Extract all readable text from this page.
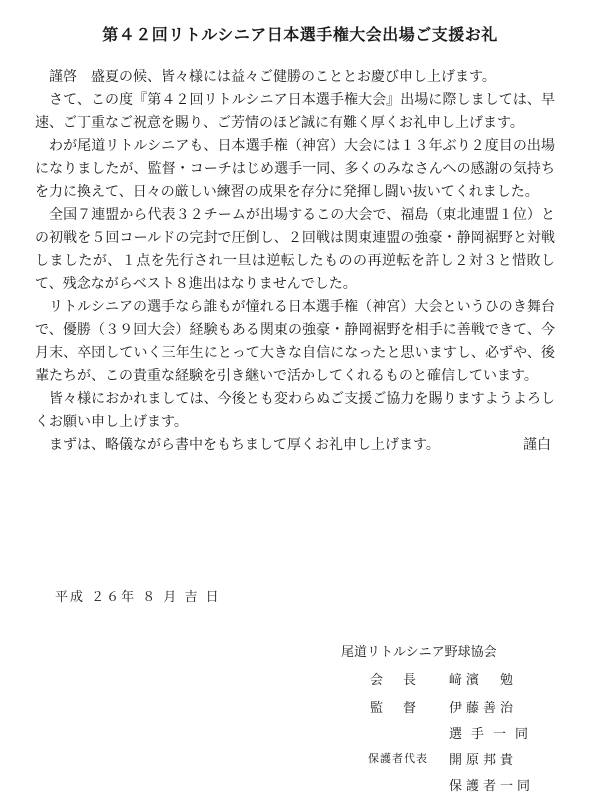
第４２回リトルシニア日本選手権大会出場ご支援お礼

謹啓　盛夏の候、皆々様には益々ご健勝のこととお慶び申し上げます。

さて、この度『第４２回リトルシニア日本選手権大会』出場に際しましては、早速、ご丁重なご祝意を賜り、ご芳情のほど誠に有難く厚くお礼申し上げます。

わが尾道リトルシニアも、日本選手権（神宮）大会には１３年ぶり２度目の出場になりましたが、監督・コーチはじめ選手一同、多くのみなさんへの感謝の気持ちを力に換えて、日々の厳しい練習の成果を存分に発揮し闘い抜いてくれました。

全国７連盟から代表３２チームが出場するこの大会で、福島（東北連盟１位）との初戦を５回コールドの完封で圧倒し、２回戦は関東連盟の強豪・静岡裾野と対戦しましたが、１点を先行され一旦は逆転したものの再逆転を許し２対３と惜敗して、残念ながらベスト８進出はなりませんでした。

リトルシニアの選手なら誰もが憧れる日本選手権（神宮）大会というひのき舞台で、優勝（３９回大会）経験もある関東の強豪・静岡裾野を相手に善戦できて、今月末、卒団していく三年生にとって大きな自信になったと思いますし、必ずや、後輩たちが、この貴重な経験を引き継いで活かしてくれるものと確信しています。

皆々様におかれましては、今後とも変わらぬご支援ご協力を賜りますようよろしくお願い申し上げます。

まずは、略儀ながら書中をもちまして厚くお礼申し上げます。	謹白

平成 ２６年 ８ 月 吉 日
尾道リトルシニア野球協会
会長 﨑濱　勉
監督 伊藤善治
選手一同
保護者代表 開原邦貴
保護者一同
